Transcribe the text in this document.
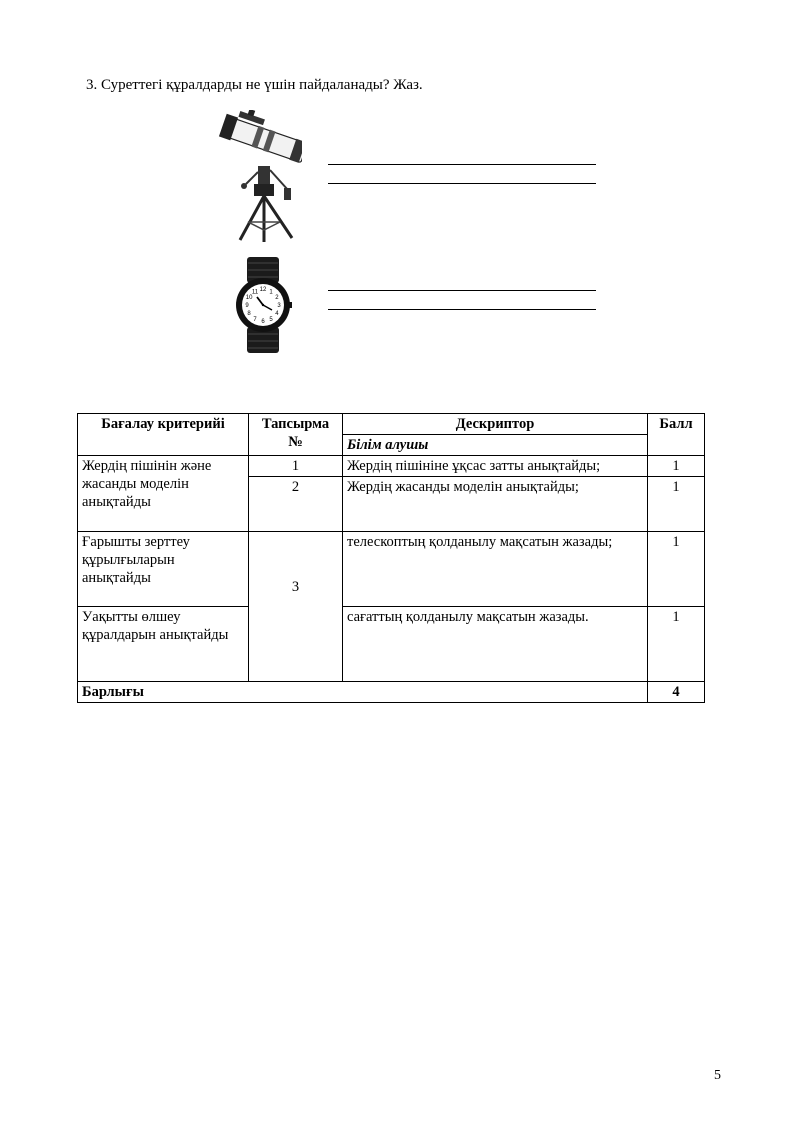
3. Суреттегі құралдарды не үшін пайдаланады? Жаз.
12 1
2
3
4
5
6
7
8
9
10
11
Бағалау критерийі	Тапсырма №	Дескриптор	Балл
		Білім алушы	
Жердің пішінін және жасанды моделін анықтайды	1	Жердің пішініне ұқсас затты анықтайды;	1
	2	Жердің жасанды моделін анықтайды;	1
Ғарышты зерттеу құрылғыларын анықтайды	3	телескоптың қолданылу мақсатын жазады;	1
Уақытты өлшеу құралдарын анықтайды		сағаттың қолданылу мақсатын жазады.	1
Барлығы			4
5
